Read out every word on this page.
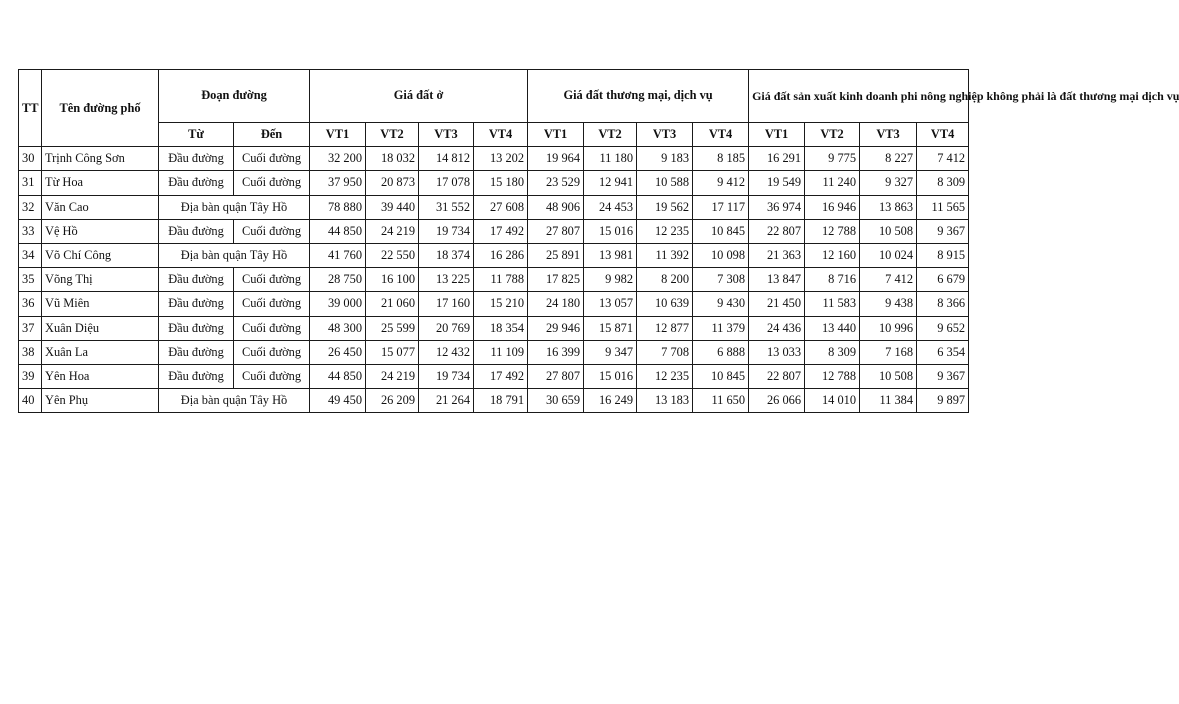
TT	Tên đường phố	Đoạn đường		Giá đất ở				Giá đất thương mại, dịch vụ				Giá đất sản xuất kinh doanh phi nông nghiệp không phải là đất thương mại dịch vụ			
		Từ	Đến	VT1	VT2	VT3	VT4	VT1	VT2	VT3	VT4	VT1	VT2	VT3	VT4
30	Trịnh Công Sơn	Đầu đường	Cuối đường	32 200	18 032	14 812	13 202	19 964	11 180	9 183	8 185	16 291	9 775	8 227	7 412
31	Từ Hoa	Đầu đường	Cuối đường	37 950	20 873	17 078	15 180	23 529	12 941	10 588	9 412	19 549	11 240	9 327	8 309
32	Văn Cao	Địa bàn quận Tây Hồ		78 880	39 440	31 552	27 608	48 906	24 453	19 562	17 117	36 974	16 946	13 863	11 565
33	Vệ Hồ	Đầu đường	Cuối đường	44 850	24 219	19 734	17 492	27 807	15 016	12 235	10 845	22 807	12 788	10 508	9 367
34	Võ Chí Công	Địa bàn quận Tây Hồ		41 760	22 550	18 374	16 286	25 891	13 981	11 392	10 098	21 363	12 160	10 024	8 915
35	Võng Thị	Đầu đường	Cuối đường	28 750	16 100	13 225	11 788	17 825	9 982	8 200	7 308	13 847	8 716	7 412	6 679
36	Vũ Miên	Đầu đường	Cuối đường	39 000	21 060	17 160	15 210	24 180	13 057	10 639	9 430	21 450	11 583	9 438	8 366
37	Xuân Diệu	Đầu đường	Cuối đường	48 300	25 599	20 769	18 354	29 946	15 871	12 877	11 379	24 436	13 440	10 996	9 652
38	Xuân La	Đầu đường	Cuối đường	26 450	15 077	12 432	11 109	16 399	9 347	7 708	6 888	13 033	8 309	7 168	6 354
39	Yên Hoa	Đầu đường	Cuối đường	44 850	24 219	19 734	17 492	27 807	15 016	12 235	10 845	22 807	12 788	10 508	9 367
40	Yên Phụ	Địa bàn quận Tây Hồ		49 450	26 209	21 264	18 791	30 659	16 249	13 183	11 650	26 066	14 010	11 384	9 897
